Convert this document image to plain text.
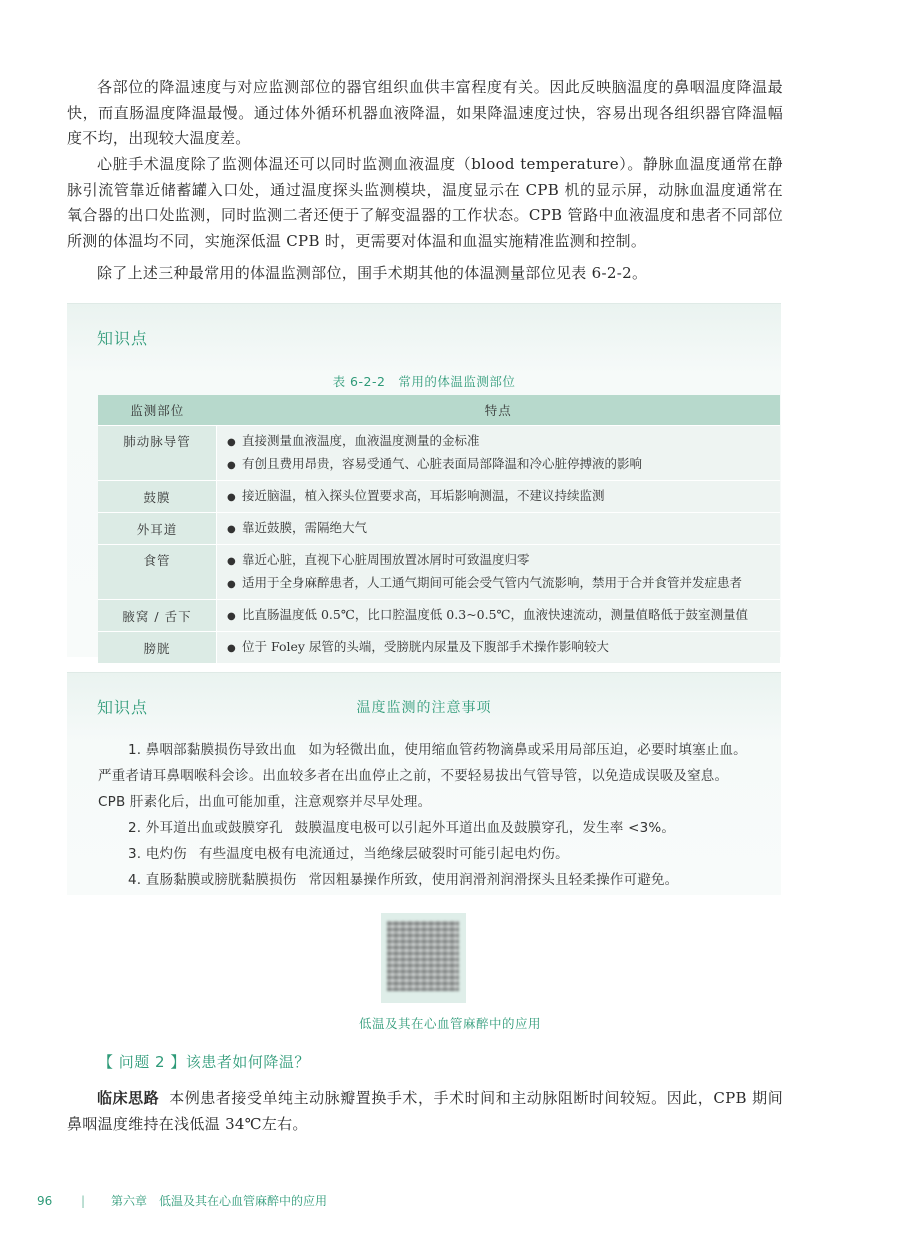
各部位的降温速度与对应监测部位的器官组织血供丰富程度有关。因此反映脑温度的鼻咽温度降温最快，而直肠温度降温最慢。通过体外循环机器血液降温，如果降温速度过快，容易出现各组织器官降温幅度不均，出现较大温度差。

心脏手术温度除了监测体温还可以同时监测血液温度（blood temperature）。静脉血温度通常在静脉引流管靠近储蓄罐入口处，通过温度探头监测模块，温度显示在 CPB 机的显示屏，动脉血温度通常在氧合器的出口处监测，同时监测二者还便于了解变温器的工作状态。CPB 管路中血液温度和患者不同部位所测的体温均不同，实施深低温 CPB 时，更需要对体温和血温实施精准监测和控制。

除了上述三种最常用的体温监测部位，围手术期其他的体温测量部位见表 6-2-2。

知识点
表 6-2-2　常用的体温监测部位
监测部位	特点
肺动脉导管	● 直接测量血液温度，血液温度测量的金标准
● 有创且费用昂贵，容易受通气、心脏表面局部降温和冷心脏停搏液的影响

鼓膜	● 接近脑温，植入探头位置要求高，耳垢影响测温，不建议持续监测

外耳道	● 靠近鼓膜，需隔绝大气

食管	● 靠近心脏，直视下心脏周围放置冰屑时可致温度归零
● 适用于全身麻醉患者，人工通气期间可能会受气管内气流影响，禁用于合并食管并发症患者

腋窝 / 舌下	● 比直肠温度低 0.5℃，比口腔温度低 0.3~0.5℃，血液快速流动，测量值略低于鼓室测量值

膀胱	● 位于 Foley 尿管的头端，受膀胱内尿量及下腹部手术操作影响较大
知识点	温度监测的注意事项
1. 鼻咽部黏膜损伤导致出血 如为轻微出血，使用缩血管药物滴鼻或采用局部压迫，必要时填塞止血。
严重者请耳鼻咽喉科会诊。出血较多者在出血停止之前，不要轻易拔出气管导管，以免造成误吸及窒息。
CPB 肝素化后，出血可能加重，注意观察并尽早处理。
2. 外耳道出血或鼓膜穿孔 鼓膜温度电极可以引起外耳道出血及鼓膜穿孔，发生率 <3%。
3. 电灼伤 有些温度电极有电流通过，当绝缘层破裂时可能引起电灼伤。
4. 直肠黏膜或膀胱黏膜损伤 常因粗暴操作所致，使用润滑剂润滑探头且轻柔操作可避免。
低温及其在心血管麻醉中的应用
【 问题 2 】该患者如何降温？

临床思路 本例患者接受单纯主动脉瓣置换手术，手术时间和主动脉阻断时间较短。因此，CPB 期间鼻咽温度维持在浅低温 34℃左右。

96 | 第六章　低温及其在心血管麻醉中的应用
